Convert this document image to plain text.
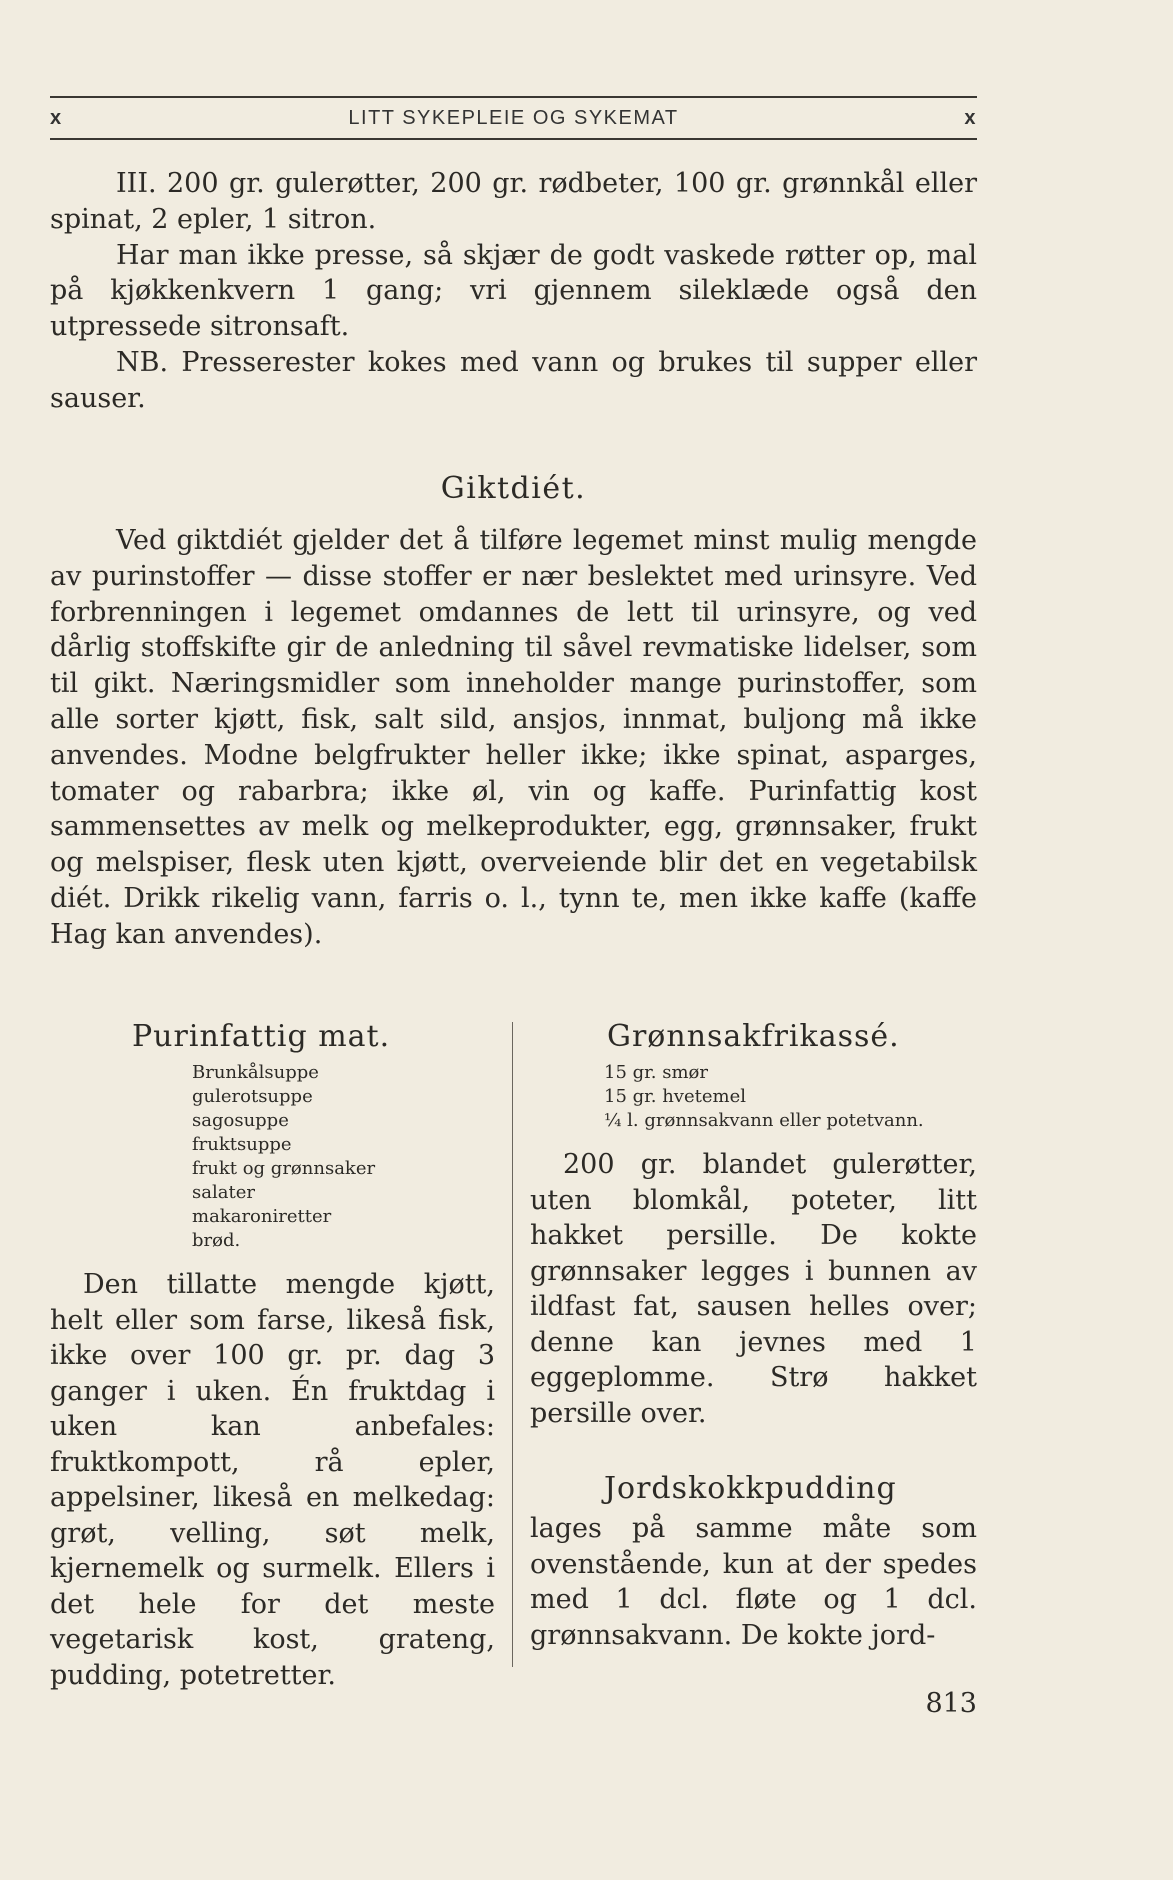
x	LITT SYKEPLEIE OG SYKEMAT	x

III. 200 gr. gulerøtter, 200 gr. rødbeter, 100 gr. grønnkål eller spinat, 2 epler, 1 sitron.

Har man ikke presse, så skjær de godt vaskede røtter op, mal på kjøkkenkvern 1 gang; vri gjennem sileklæde også den utpressede sitronsaft.

NB. Presserester kokes med vann og brukes til supper eller sauser.

Giktdiét.

Ved giktdiét gjelder det å tilføre legemet minst mulig mengde av purinstoffer — disse stoffer er nær beslektet med urinsyre. Ved forbrenningen i legemet omdannes de lett til urinsyre, og ved dårlig stoffskifte gir de anledning til såvel revmatiske lidelser, som til gikt. Næringsmidler som inneholder mange purinstoffer, som alle sorter kjøtt, fisk, salt sild, ansjos, innmat, buljong må ikke anvendes. Modne belgfrukter heller ikke; ikke spinat, asparges, tomater og rabarbra; ikke øl, vin og kaffe. Purinfattig kost sammensettes av melk og melkeprodukter, egg, grønnsaker, frukt og melspiser, flesk uten kjøtt, overveiende blir det en vegetabilsk diét. Drikk rikelig vann, farris o. l., tynn te, men ikke kaffe (kaffe Hag kan anvendes).

Purinfattig mat.
Brunkålsuppe
gulerotsuppe
sagosuppe
fruktsuppe
frukt og grønnsaker
salater
makaroniretter
brød.

Den tillatte mengde kjøtt, helt eller som farse, likeså fisk, ikke over 100 gr. pr. dag 3 ganger i uken. Én fruktdag i uken kan anbefales: fruktkompott, rå epler, appelsiner, likeså en melkedag: grøt, velling, søt melk, kjernemelk og surmelk. Ellers i det hele for det meste vegetarisk kost, grateng, pudding, potetretter.

Grønnsakfrikassé.
15 gr. smør
15 gr. hvetemel
¼ l. grønnsakvann eller potetvann.

200 gr. blandet gulerøtter, uten blomkål, poteter, litt hakket persille. De kokte grønnsaker legges i bunnen av ildfast fat, sausen helles over; denne kan jevnes med 1 eggeplomme. Strø hakket persille over.

Jordskokkpudding

lages på samme måte som ovenstående, kun at der spedes med 1 dcl. fløte og 1 dcl. grønnsakvann. De kokte jord-

813
